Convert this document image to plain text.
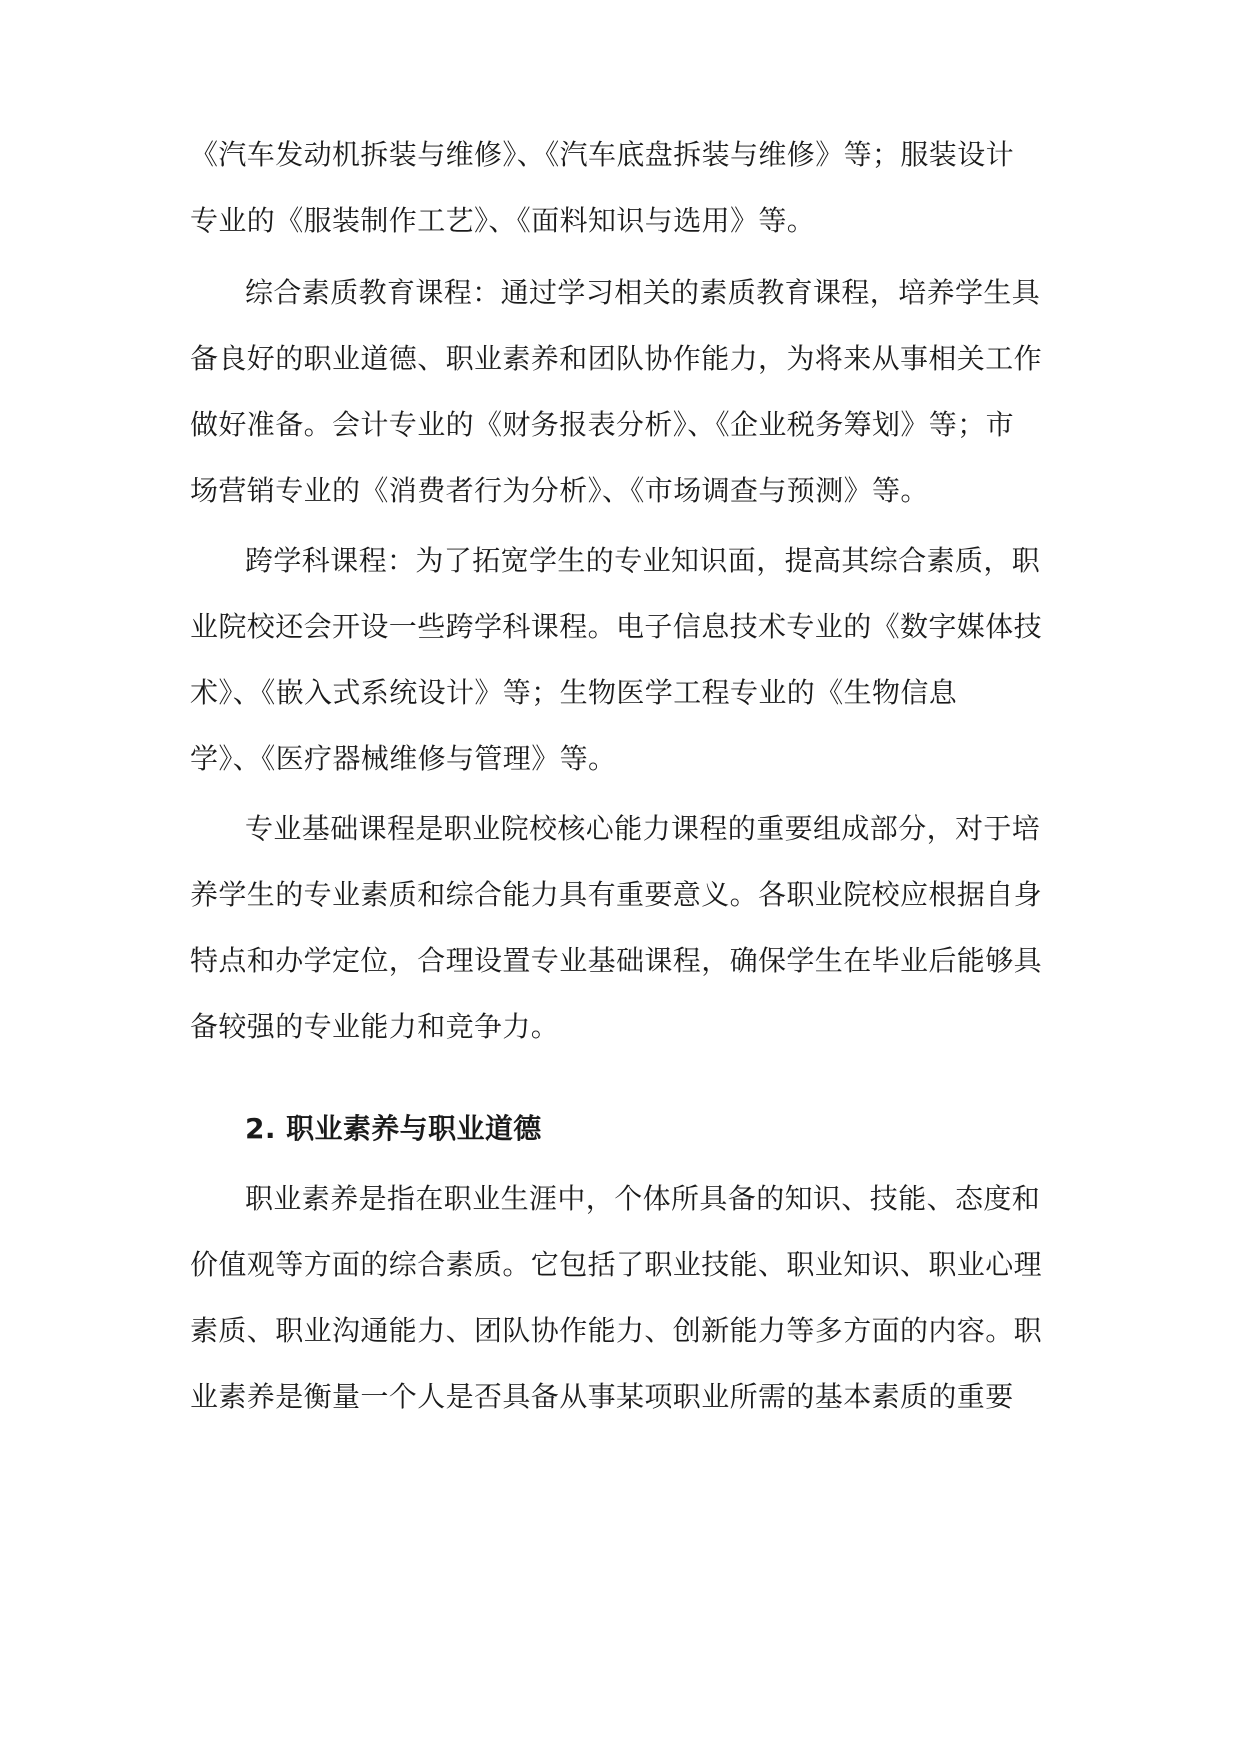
《汽车发动机拆装与维修》、《汽车底盘拆装与维修》等；服装设计
专业的《服装制作工艺》、《面料知识与选用》等。
综合素质教育课程：通过学习相关的素质教育课程，培养学生具
备良好的职业道德、职业素养和团队协作能力，为将来从事相关工作
做好准备。会计专业的《财务报表分析》、《企业税务筹划》等；市
场营销专业的《消费者行为分析》、《市场调查与预测》等。
跨学科课程：为了拓宽学生的专业知识面，提高其综合素质，职
业院校还会开设一些跨学科课程。电子信息技术专业的《数字媒体技
术》、《嵌入式系统设计》等；生物医学工程专业的《生物信息
学》、《医疗器械维修与管理》等。
专业基础课程是职业院校核心能力课程的重要组成部分，对于培
养学生的专业素质和综合能力具有重要意义。各职业院校应根据自身
特点和办学定位，合理设置专业基础课程，确保学生在毕业后能够具
备较强的专业能力和竞争力。
2. 职业素养与职业道德
职业素养是指在职业生涯中，个体所具备的知识、技能、态度和
价值观等方面的综合素质。它包括了职业技能、职业知识、职业心理
素质、职业沟通能力、团队协作能力、创新能力等多方面的内容。职
业素养是衡量一个人是否具备从事某项职业所需的基本素质的重要
